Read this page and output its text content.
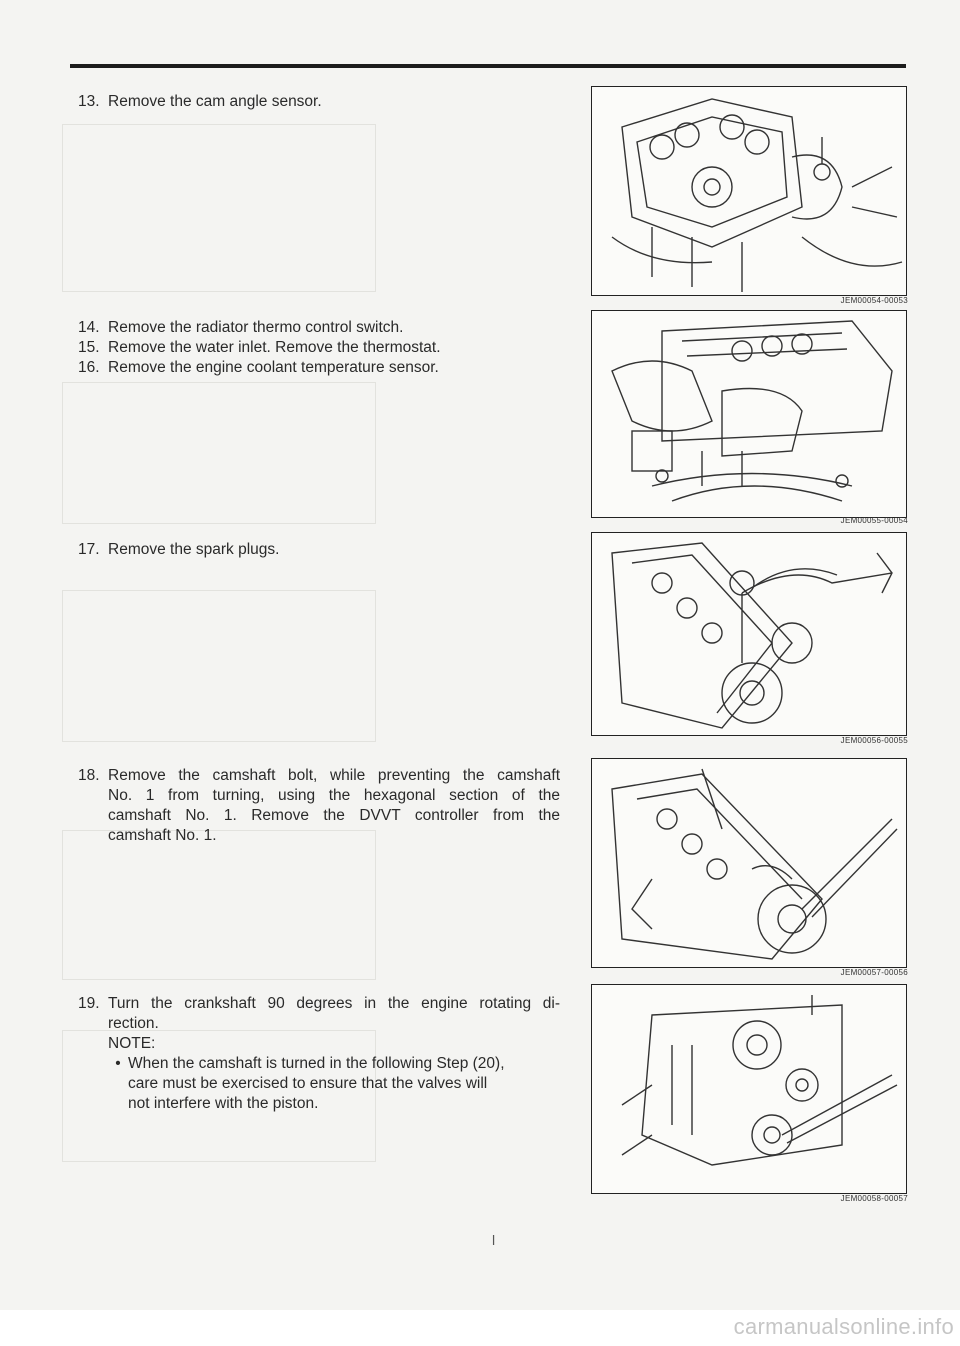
13. Remove the cam angle sensor.
14. Remove the radiator thermo control switch.
15. Remove the water inlet. Remove the thermostat.
16. Remove the engine coolant temperature sensor.
17. Remove the spark plugs.
18. Remove the camshaft bolt, while preventing the camshaft
No. 1 from turning, using the hexagonal section of the
camshaft No. 1. Remove the DVVT controller from the
camshaft No. 1.
19. Turn the crankshaft 90 degrees in the engine rotating di-
rection.
NOTE:
• When the camshaft is turned in the following Step (20),
care must be exercised to ensure that the valves will
not interfere with the piston.
JEM00054-00053
JEM00055-00054
JEM00056-00055
JEM00057-00056
JEM00058-00057
l
carmanualsonline.info
